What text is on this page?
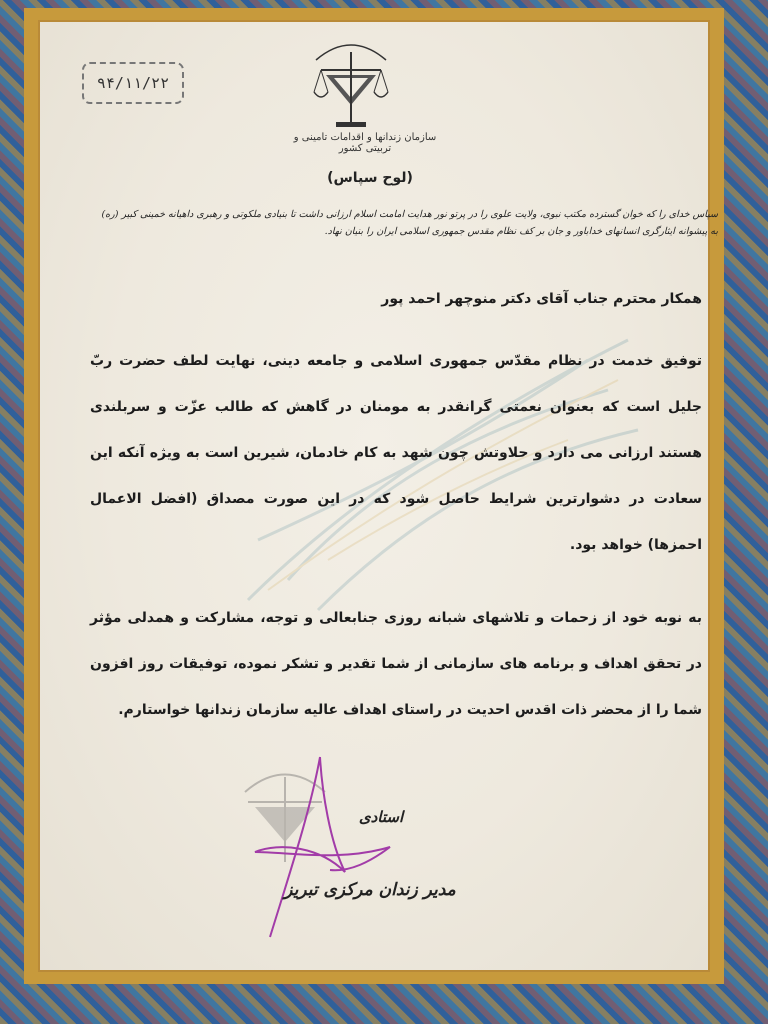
۹۴/۱۱/۲۲
سازمان زندانها و اقدامات تامینی و تربیتی کشور
(لوح سپاس)
سپاس خدای را که خوان گسترده مکتب نبوی، ولایت علوی را در پرتو نور هدایت امامت اسلام ارزانی داشت تا بنیادی ملکوتی و رهبری داهیانه خمینی کبیر (ره) به پیشوانه ایثارگری انسانهای خداباور و جان بر کف نظام مقدس جمهوری اسلامی ایران را بنیان نهاد.
همکار محترم جناب آقای دکتر منوچهر احمد پور
توفیق خدمت در نظام مقدّس جمهوری اسلامی و جامعه دینی، نهایت لطف حضرت ربّ جلیل است که بعنوان نعمتی گرانقدر به مومنان در گاهش که طالب عزّت و سربلندی هستند ارزانی می دارد و حلاوتش چون شهد به کام خادمان، شیرین است به ویژه آنکه این سعادت در دشوارترین شرایط حاصل شود که در این صورت مصداق (افضل الاعمال احمزها) خواهد بود.
به نوبه خود از زحمات و تلاشهای شبانه روزی جنابعالی و توجه، مشارکت و همدلی مؤثر در تحقق اهداف و برنامه های سازمانی از شما تقدیر و تشکر نموده، توفیقات روز افزون شما را از محضر ذات اقدس احدیت در راستای اهداف عالیه سازمان زندانها خواستارم.
استادی
مدیر زندان مرکزی تبریز
